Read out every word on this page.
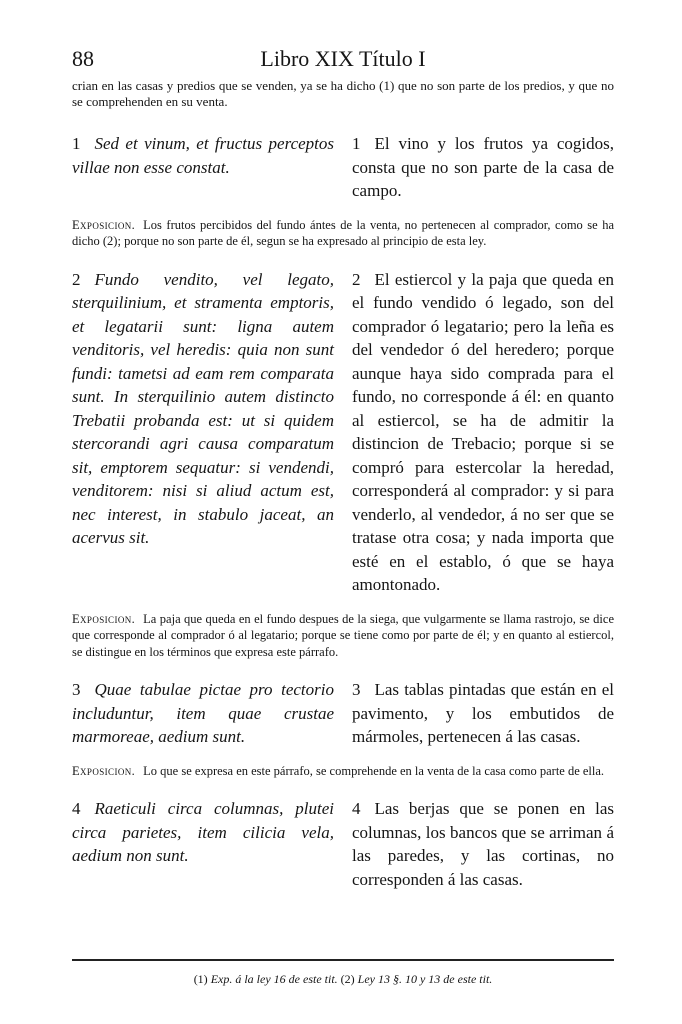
88	Libro XIX Título I

crian en las casas y predios que se venden, ya se ha dicho (1) que no son parte de los predios, y que no se comprehenden en su venta.

1 Sed et vinum, et fructus perceptos villae non esse constat.
1 El vino y los frutos ya cogidos, consta que no son parte de la casa de campo.

Exposicion. Los frutos percibidos del fundo ántes de la venta, no pertenecen al comprador, como se ha dicho (2); porque no son parte de él, segun se ha expresado al principio de esta ley.

2 Fundo vendito, vel legato, sterquilinium, et stramenta emptoris, et legatarii sunt: ligna autem venditoris, vel heredis: quia non sunt fundi: tametsi ad eam rem comparata sunt. In sterquilinio autem distincto Trebatii probanda est: ut si quidem stercorandi agri causa comparatum sit, emptorem sequatur: si vendendi, venditorem: nisi si aliud actum est, nec interest, in stabulo jaceat, an acervus sit.
2 El estiercol y la paja que queda en el fundo vendido ó legado, son del comprador ó legatario; pero la leña es del vendedor ó del heredero; porque aunque haya sido comprada para el fundo, no corresponde á él: en quanto al estiercol, se ha de admitir la distincion de Trebacio; porque si se compró para estercolar la heredad, corresponderá al comprador: y si para venderlo, al vendedor, á no ser que se tratase otra cosa; y nada importa que esté en el establo, ó que se haya amontonado.

Exposicion. La paja que queda en el fundo despues de la siega, que vulgarmente se llama rastrojo, se dice que corresponde al comprador ó al legatario; porque se tiene como por parte de él; y en quanto al estiercol, se distingue en los términos que expresa este párrafo.

3 Quae tabulae pictae pro tectorio includuntur, item quae crustae marmoreae, aedium sunt.
3 Las tablas pintadas que están en el pavimento, y los embutidos de mármoles, pertenecen á las casas.

Exposicion. Lo que se expresa en este párrafo, se comprehende en la venta de la casa como parte de ella.

4 Raeticuli circa columnas, plutei circa parietes, item cilicia vela, aedium non sunt.
4 Las berjas que se ponen en las columnas, los bancos que se arriman á las paredes, y las cortinas, no corresponden á las casas.
(1) Exp. á la ley 16 de este tit. (2) Ley 13 §. 10 y 13 de este tit.
